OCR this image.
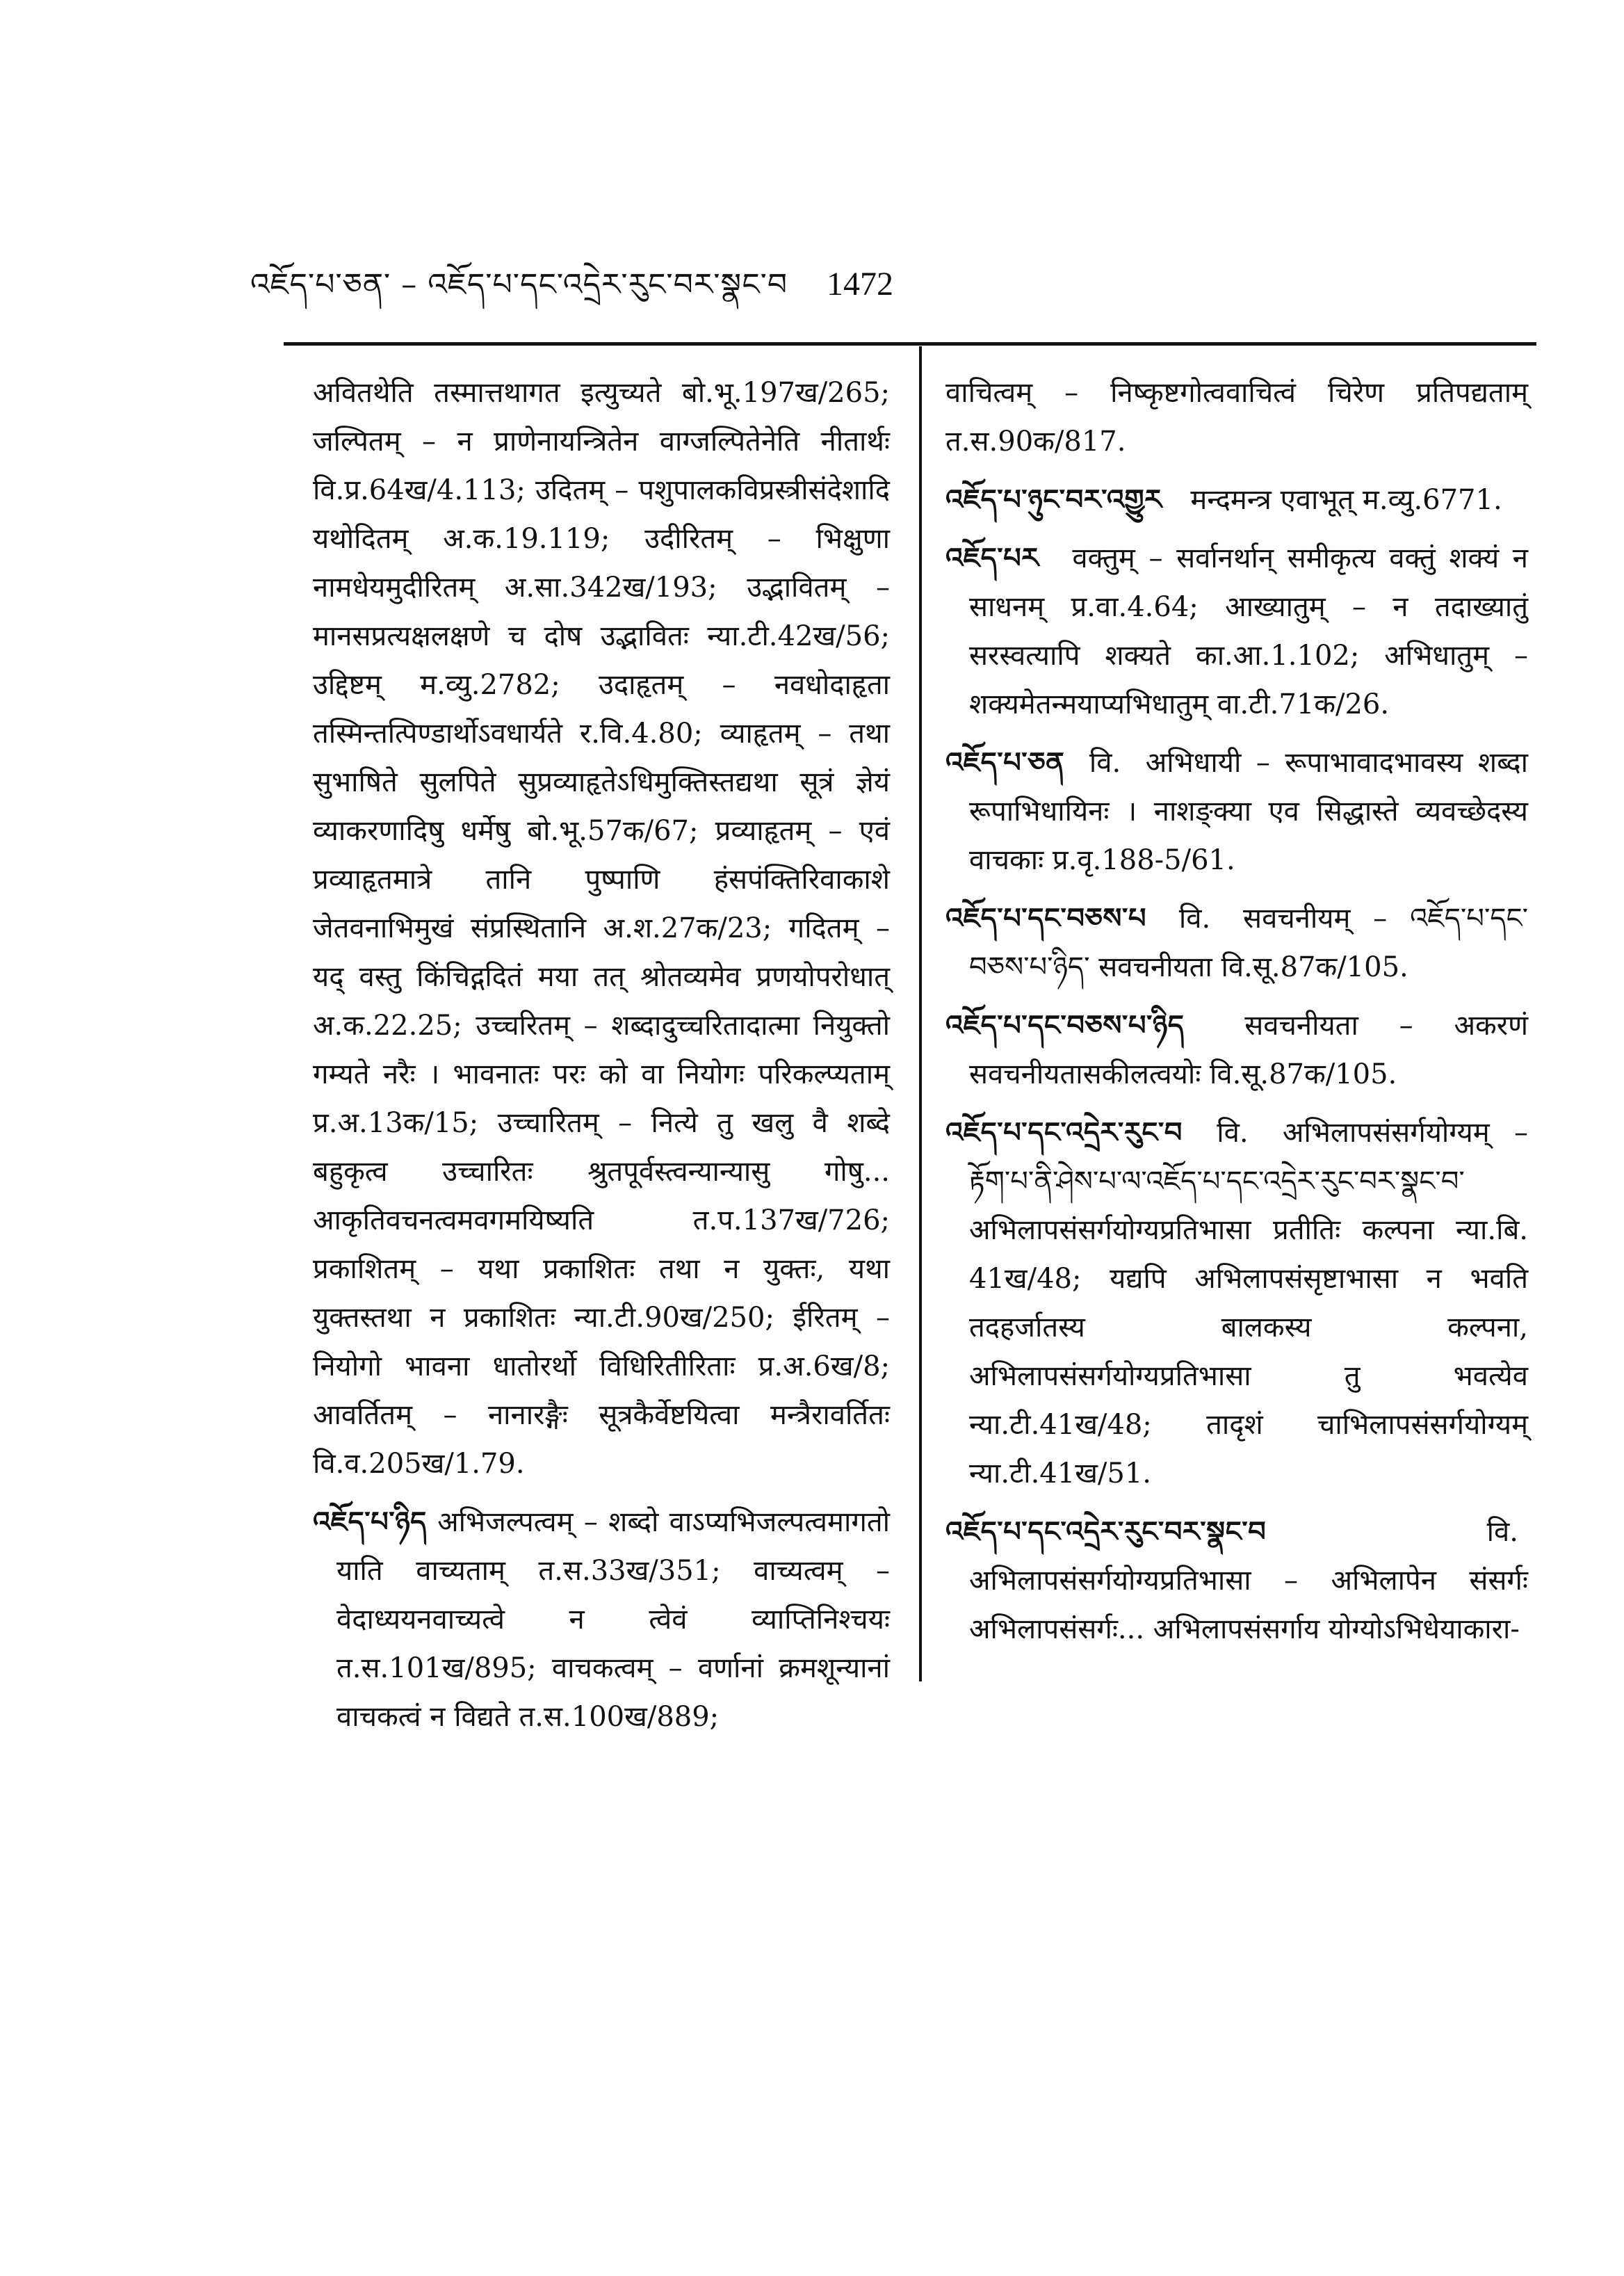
འཇོད་པ་ཅན་ – འཇོད་པ་དང་འདྲེར་རུང་བར་སྣང་བ 1472

अवितथेति तस्मात्तथागत इत्युच्यते बो.भू.197ख/265; जल्पितम् – न प्राणेनायन्त्रितेन वाग्जल्पितेनेति नीतार्थः वि.प्र.64ख/4.113; उदितम् – पशुपालकविप्रस्त्रीसंदेशादि यथोदितम् अ.क.19.119; उदीरितम् – भिक्षुणा नामधेयमुदीरितम् अ.सा.342ख/193; उद्भावितम् – मानसप्रत्यक्षलक्षणे च दोष उद्भावितः न्या.टी.42ख/56; उद्दिष्टम् म.व्यु.2782; उदाहृतम् – नवधोदाहृता तस्मिन्तत्पिण्डार्थोऽवधार्यते र.वि.4.80; व्याहृतम् – तथा सुभाषिते सुलपिते सुप्रव्याहृतेऽधिमुक्तिस्तद्यथा सूत्रं ज्ञेयं व्याकरणादिषु धर्मेषु बो.भू.57क/67; प्रव्याहृतम् – एवं प्रव्याहृतमात्रे तानि पुष्पाणि हंसपंक्तिरिवाकाशे जेतवनाभिमुखं संप्रस्थितानि अ.श.27क/23; गदितम् – यद् वस्तु किंचिद्गदितं मया तत् श्रोतव्यमेव प्रणयोपरोधात् अ.क.22.25; उच्चरितम् – शब्दादुच्चरितादात्मा नियुक्तो गम्यते नरैः । भावनातः परः को वा नियोगः परिकल्प्यताम् प्र.अ.13क/15; उच्चारितम् – नित्ये तु खलु वै शब्दे बहुकृत्व उच्चारितः श्रुतपूर्वस्त्वन्यान्यासु गोषु... आकृतिवचनत्वमवगमयिष्यति त.प.137ख/726; प्रकाशितम् – यथा प्रकाशितः तथा न युक्तः, यथा युक्तस्तथा न प्रकाशितः न्या.टी.90ख/250; ईरितम् – नियोगो भावना धातोरर्थो विधिरितीरिताः प्र.अ.6ख/8; आवर्तितम् – नानारङ्गैः सूत्रकैर्वेष्टयित्वा मन्त्रैरावर्तितः वि.व.205ख/1.79.

འཇོད་པ་ཉིད अभिजल्पत्वम् – शब्दो वाऽप्यभिजल्पत्वमागतो याति वाच्यताम् त.स.33ख/351; वाच्यत्वम् – वेदाध्ययनवाच्यत्वे न त्वेवं व्याप्तिनिश्चयः त.स.101ख/895; वाचकत्वम् – वर्णानां क्रमशून्यानां वाचकत्वं न विद्यते त.स.100ख/889;

वाचित्वम् – निष्कृष्टगोत्ववाचित्वं चिरेण प्रतिपद्यताम् त.स.90क/817.

འཇོད་པ་ཉུང་བར་འགྱུར मन्दमन्त्र एवाभूत् म.व्यु.6771.

འཇོད་པར वक्तुम् – सर्वानर्थान् समीकृत्य वक्तुं शक्यं न साधनम् प्र.वा.4.64; आख्यातुम् – न तदाख्यातुं सरस्वत्यापि शक्यते का.आ.1.102; अभिधातुम् – शक्यमेतन्मयाप्यभिधातुम् वा.टी.71क/26.

འཇོད་པ་ཅན वि. अभिधायी – रूपाभावादभावस्य शब्दा रूपाभिधायिनः । नाशङ्क्या एव सिद्धास्ते व्यवच्छेदस्य वाचकाः प्र.वृ.188-5/61.

འཇོད་པ་དང་བཅས་པ वि. सवचनीयम् – འཇོད་པ་དང་བཅས་པ་ཉིད་ सवचनीयता वि.सू.87क/105.

འཇོད་པ་དང་བཅས་པ་ཉིད सवचनीयता – अकरणं सवचनीयतासकीलत्वयोः वि.सू.87क/105.

འཇོད་པ་དང་འདྲེར་རུང་བ वि. अभिलापसंसर्गयोग्यम् – རྟོག་པ་ནི་ཤེས་པ་ལ་འཇོད་པ་དང་འདྲེར་རུང་བར་སྣང་བ་ अभिलापसंसर्गयोग्यप्रतिभासा प्रतीतिः कल्पना न्या.बि. 41ख/48; यद्यपि अभिलापसंसृष्टाभासा न भवति तदहर्जातस्य बालकस्य कल्पना, अभिलापसंसर्गयोग्यप्रतिभासा तु भवत्येव न्या.टी.41ख/48; तादृशं चाभिलापसंसर्गयोग्यम् न्या.टी.41ख/51.

འཇོད་པ་དང་འདྲེར་རུང་བར་སྣང་བ	वि. अभिलापसंसर्गयोग्यप्रतिभासा – अभिलापेन संसर्गः अभिलापसंसर्गः... अभिलापसंसर्गाय योग्योऽभिधेयाकारा-
